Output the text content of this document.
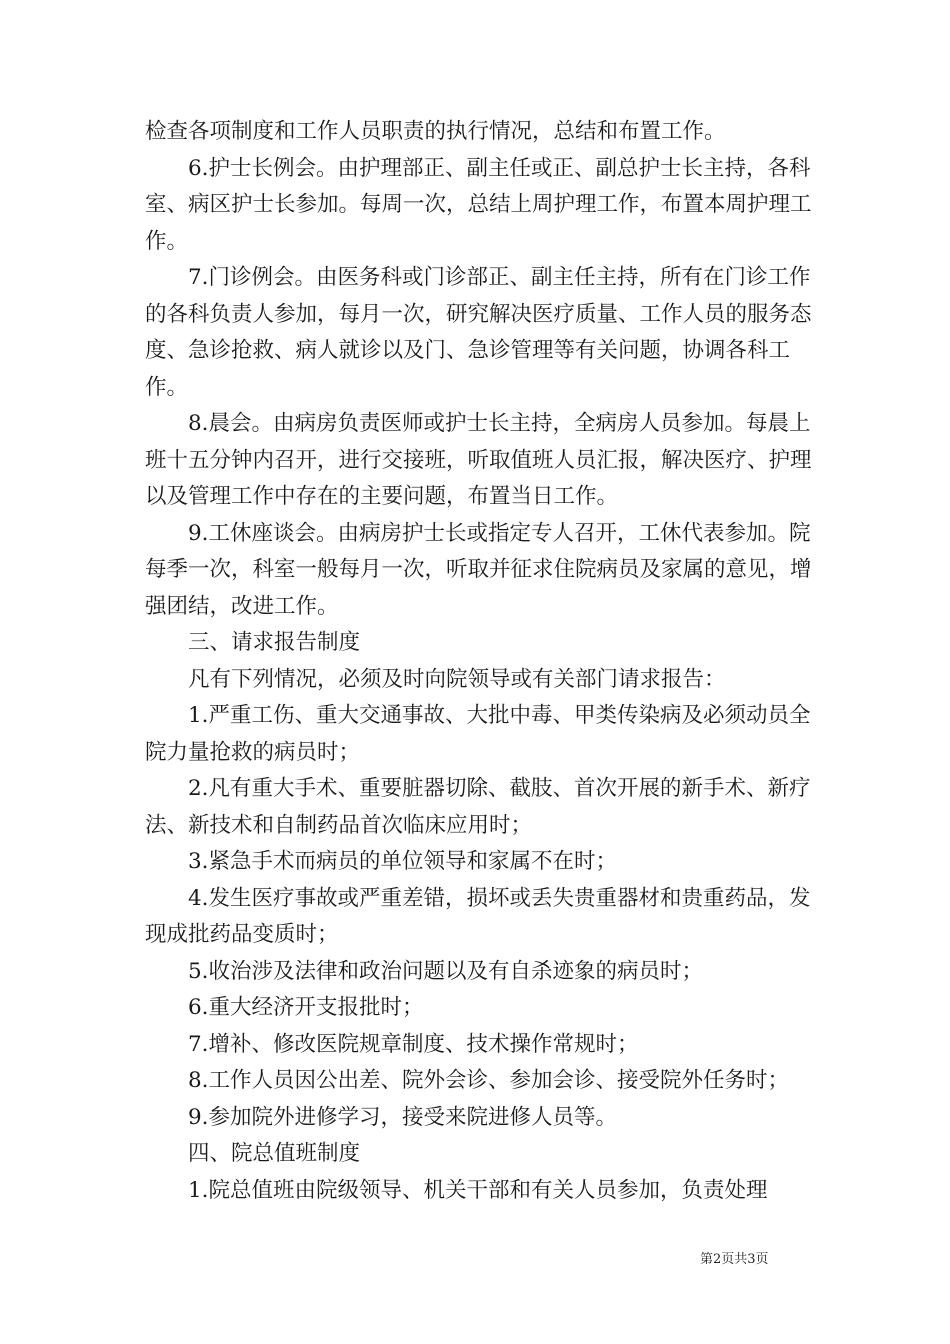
检查各项制度和工作人员职责的执行情况，总结和布置工作。

6.护士长例会。由护理部正、副主任或正、副总护士长主持，各科室、病区护士长参加。每周一次，总结上周护理工作，布置本周护理工作。

7.门诊例会。由医务科或门诊部正、副主任主持，所有在门诊工作的各科负责人参加，每月一次，研究解决医疗质量、工作人员的服务态度、急诊抢救、病人就诊以及门、急诊管理等有关问题，协调各科工作。

8.晨会。由病房负责医师或护士长主持，全病房人员参加。每晨上班十五分钟内召开，进行交接班，听取值班人员汇报，解决医疗、护理以及管理工作中存在的主要问题，布置当日工作。

9.工休座谈会。由病房护士长或指定专人召开，工休代表参加。院每季一次，科室一般每月一次，听取并征求住院病员及家属的意见，增强团结，改进工作。

三、请求报告制度

凡有下列情况，必须及时向院领导或有关部门请求报告：

1.严重工伤、重大交通事故、大批中毒、甲类传染病及必须动员全院力量抢救的病员时；

2.凡有重大手术、重要脏器切除、截肢、首次开展的新手术、新疗法、新技术和自制药品首次临床应用时；

3.紧急手术而病员的单位领导和家属不在时；

4.发生医疗事故或严重差错，损坏或丢失贵重器材和贵重药品，发现成批药品变质时；

5.收治涉及法律和政治问题以及有自杀迹象的病员时；

6.重大经济开支报批时；

7.增补、修改医院规章制度、技术操作常规时；

8.工作人员因公出差、院外会诊、参加会诊、接受院外任务时；

9.参加院外进修学习，接受来院进修人员等。

四、院总值班制度

1.院总值班由院级领导、机关干部和有关人员参加，负责处理

第2页共3页
